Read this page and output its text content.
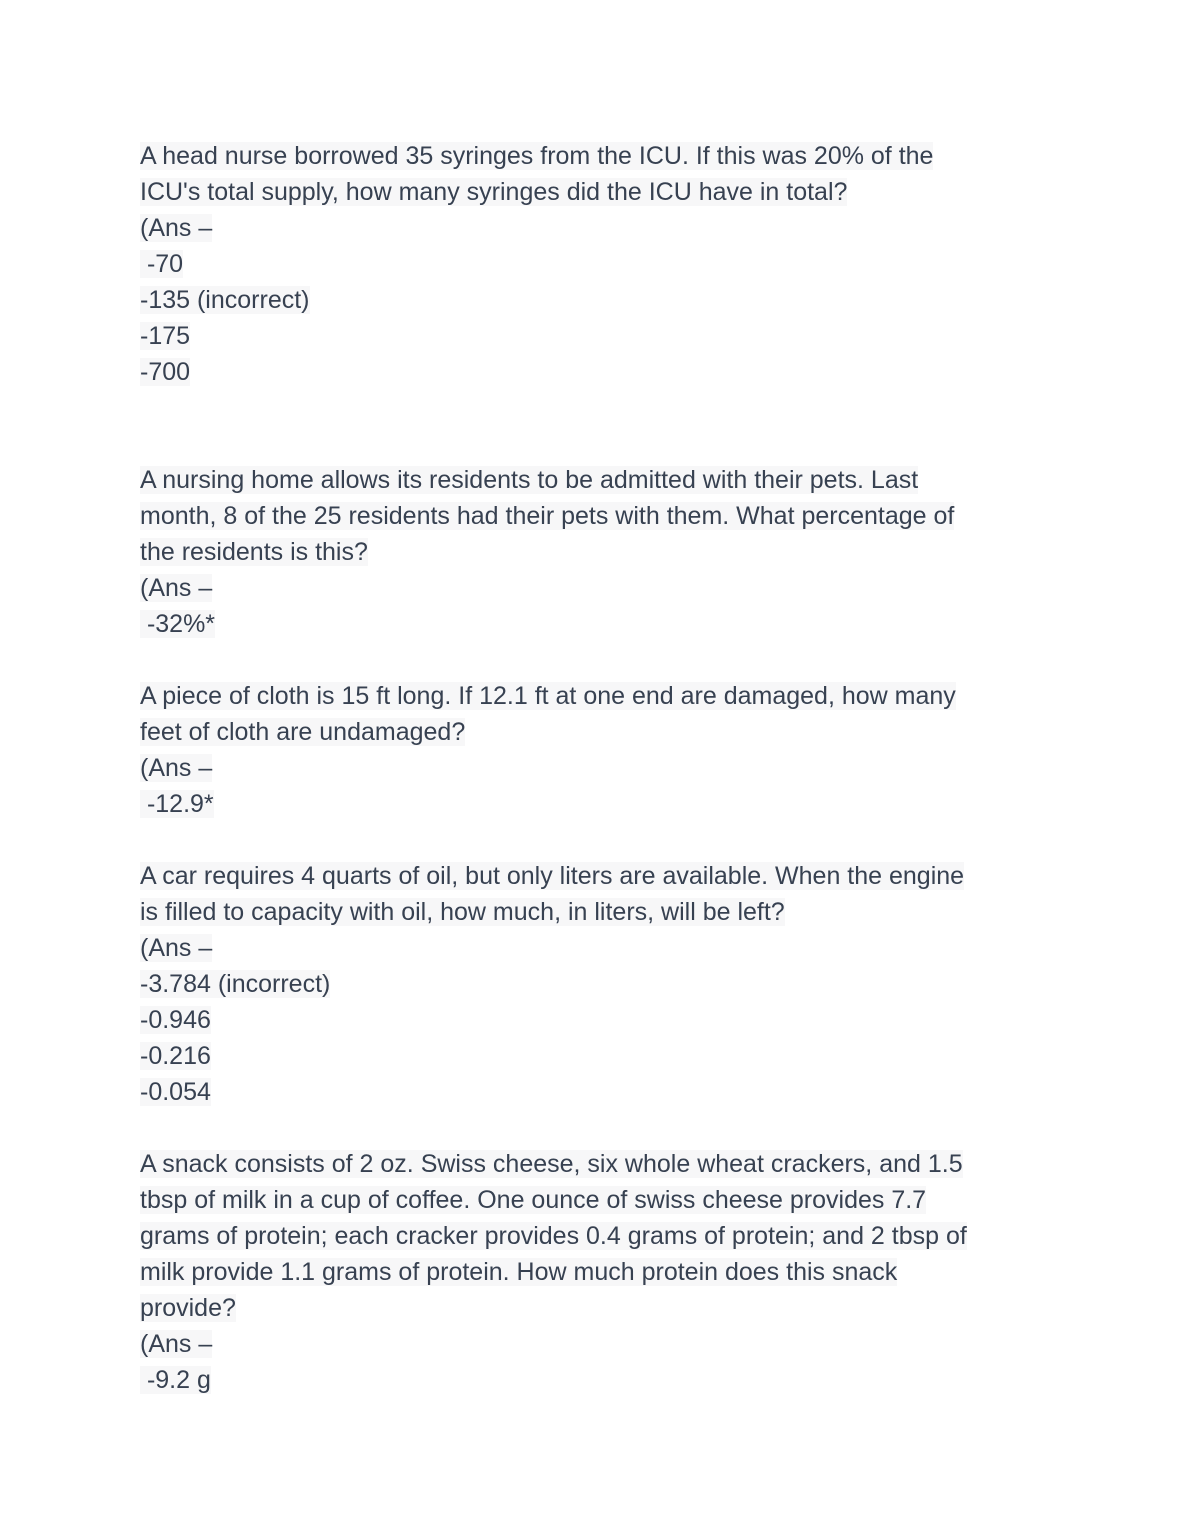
A head nurse borrowed 35 syringes from the ICU. If this was 20% of the
ICU's total supply, how many syringes did the ICU have in total?
(Ans –
-70
-135 (incorrect)
-175
-700
A nursing home allows its residents to be admitted with their pets. Last
month, 8 of the 25 residents had their pets with them. What percentage of
the residents is this?
(Ans –
-32%*
A piece of cloth is 15 ft long. If 12.1 ft at one end are damaged, how many
feet of cloth are undamaged?
(Ans –
-12.9*
A car requires 4 quarts of oil, but only liters are available. When the engine
is filled to capacity with oil, how much, in liters, will be left?
(Ans –
-3.784 (incorrect)
-0.946
-0.216
-0.054
A snack consists of 2 oz. Swiss cheese, six whole wheat crackers, and 1.5
tbsp of milk in a cup of coffee. One ounce of swiss cheese provides 7.7
grams of protein; each cracker provides 0.4 grams of protein; and 2 tbsp of
milk provide 1.1 grams of protein. How much protein does this snack
provide?
(Ans –
-9.2 g
